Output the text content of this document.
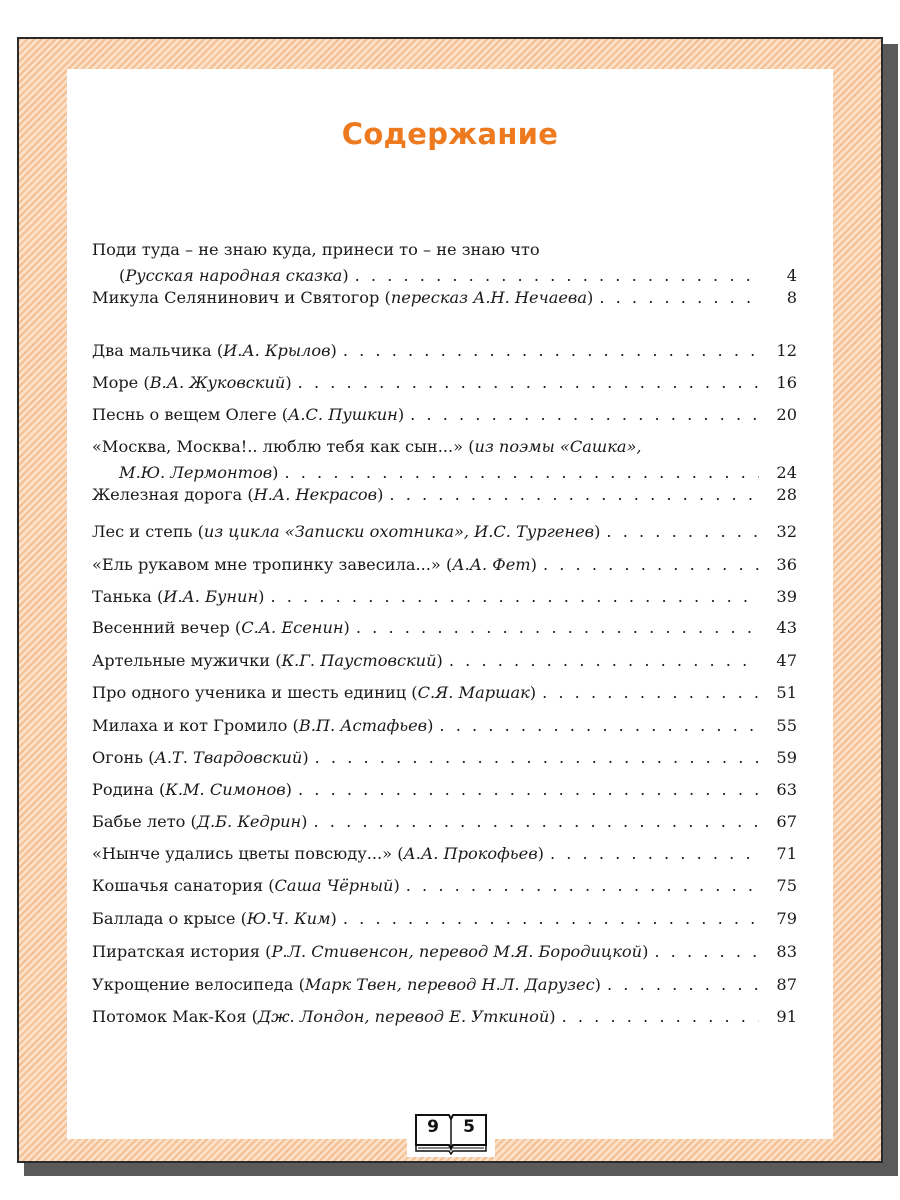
Содержание
Поди туда – не знаю куда, принеси то – не знаю что
(Русская народная сказка) . . .	4
Микула Селянинович и Святогор (пересказ А.Н. Нечаева) . . .	8
Два мальчика (И.А. Крылов) . . .	12
Море (В.А. Жуковский) . . .	16
Песнь о вещем Олеге (А.С. Пушкин) . . .	20
«Москва, Москва!.. люблю тебя как сын...» (из поэмы «Сашка»,
М.Ю. Лермонтов) . . .	24
Железная дорога (Н.А. Некрасов) . . .	28
Лес и степь (из цикла «Записки охотника», И.С. Тургенев) . . .	32
«Ель рукавом мне тропинку завесила...» (А.А. Фет) . . .	36
Танька (И.А. Бунин) . . .	39
Весенний вечер (С.А. Есенин) . . .	43
Артельные мужички (К.Г. Паустовский) . . .	47
Про одного ученика и шесть единиц (С.Я. Маршак) . . .	51
Милаха и кот Громило (В.П. Астафьев) . . .	55
Огонь (А.Т. Твардовский) . . .	59
Родина (К.М. Симонов) . . .	63
Бабье лето (Д.Б. Кедрин) . . .	67
«Нынче удались цветы повсюду...» (А.А. Прокофьев) . . .	71
Кошачья санатория (Саша Чёрный) . . .	75
Баллада о крысе (Ю.Ч. Ким) . . .	79
Пиратская история (Р.Л. Стивенсон, перевод М.Я. Бородицкой) . . .	83
Укрощение велосипеда (Марк Твен, перевод Н.Л. Дарузес) . . .	87
Потомок Мак-Коя (Дж. Лондон, перевод Е. Уткиной) . . .	91
9 5
